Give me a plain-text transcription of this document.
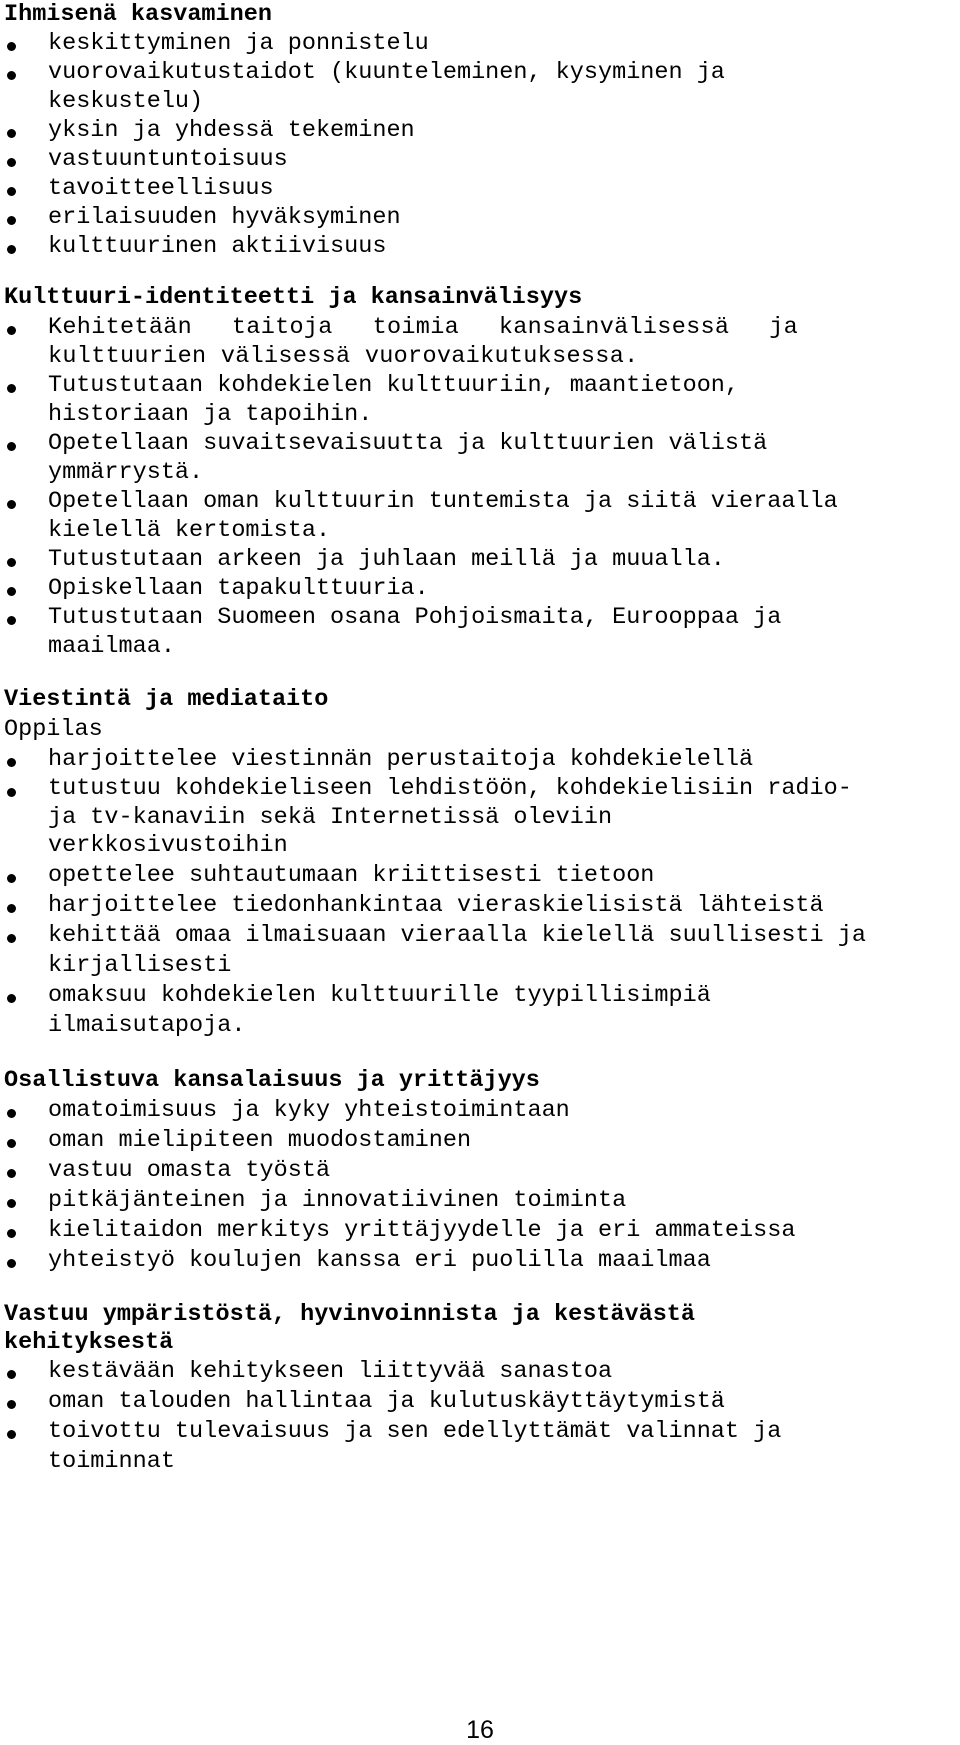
Ihmisenä kasvaminen
keskittyminen ja ponnistelu
vuorovaikutustaidot (kuunteleminen, kysyminen ja keskustelu)
yksin ja yhdessä tekeminen
vastuuntuntoisuus
tavoitteellisuus
erilaisuuden hyväksyminen
kulttuurinen aktiivisuus
Kulttuuri-identiteetti ja kansainvälisyys
Kehitetään taitoja toimia kansainvälisessä ja kulttuurien välisessä vuorovaikutuksessa.
Tutustutaan kohdekielen kulttuuriin, maantietoon, historiaan ja tapoihin.
Opetellaan suvaitsevaisuutta ja kulttuurien välistä ymmärrystä.
Opetellaan oman kulttuurin tuntemista ja siitä vieraalla kielellä kertomista.
Tutustutaan arkeen ja juhlaan meillä ja muualla.
Opiskellaan tapakulttuuria.
Tutustutaan Suomeen osana Pohjoismaita, Eurooppaa ja maailmaa.
Viestintä ja mediataito

Oppilas

harjoittelee viestinnän perustaitoja kohdekielellä
tutustuu kohdekieliseen lehdistöön, kohdekielisiin radio- ja tv-kanaviin sekä Internetissä oleviin verkkosivustoihin
opettelee suhtautumaan kriittisesti tietoon
harjoittelee tiedonhankintaa vieraskielisistä lähteistä
kehittää omaa ilmaisuaan vieraalla kielellä suullisesti ja kirjallisesti
omaksuu kohdekielen kulttuurille tyypillisimpiä ilmaisutapoja.
Osallistuva kansalaisuus ja yrittäjyys
omatoimisuus ja kyky yhteistoimintaan
oman mielipiteen muodostaminen
vastuu omasta työstä
pitkäjänteinen ja innovatiivinen toiminta
kielitaidon merkitys yrittäjyydelle ja eri ammateissa
yhteistyö koulujen kanssa eri puolilla maailmaa
Vastuu ympäristöstä, hyvinvoinnista ja kestävästä kehityksestä
kestävään kehitykseen liittyvää sanastoa
oman talouden hallintaa ja kulutuskäyttäytymistä
toivottu tulevaisuus ja sen edellyttämät valinnat ja toiminnat
16
